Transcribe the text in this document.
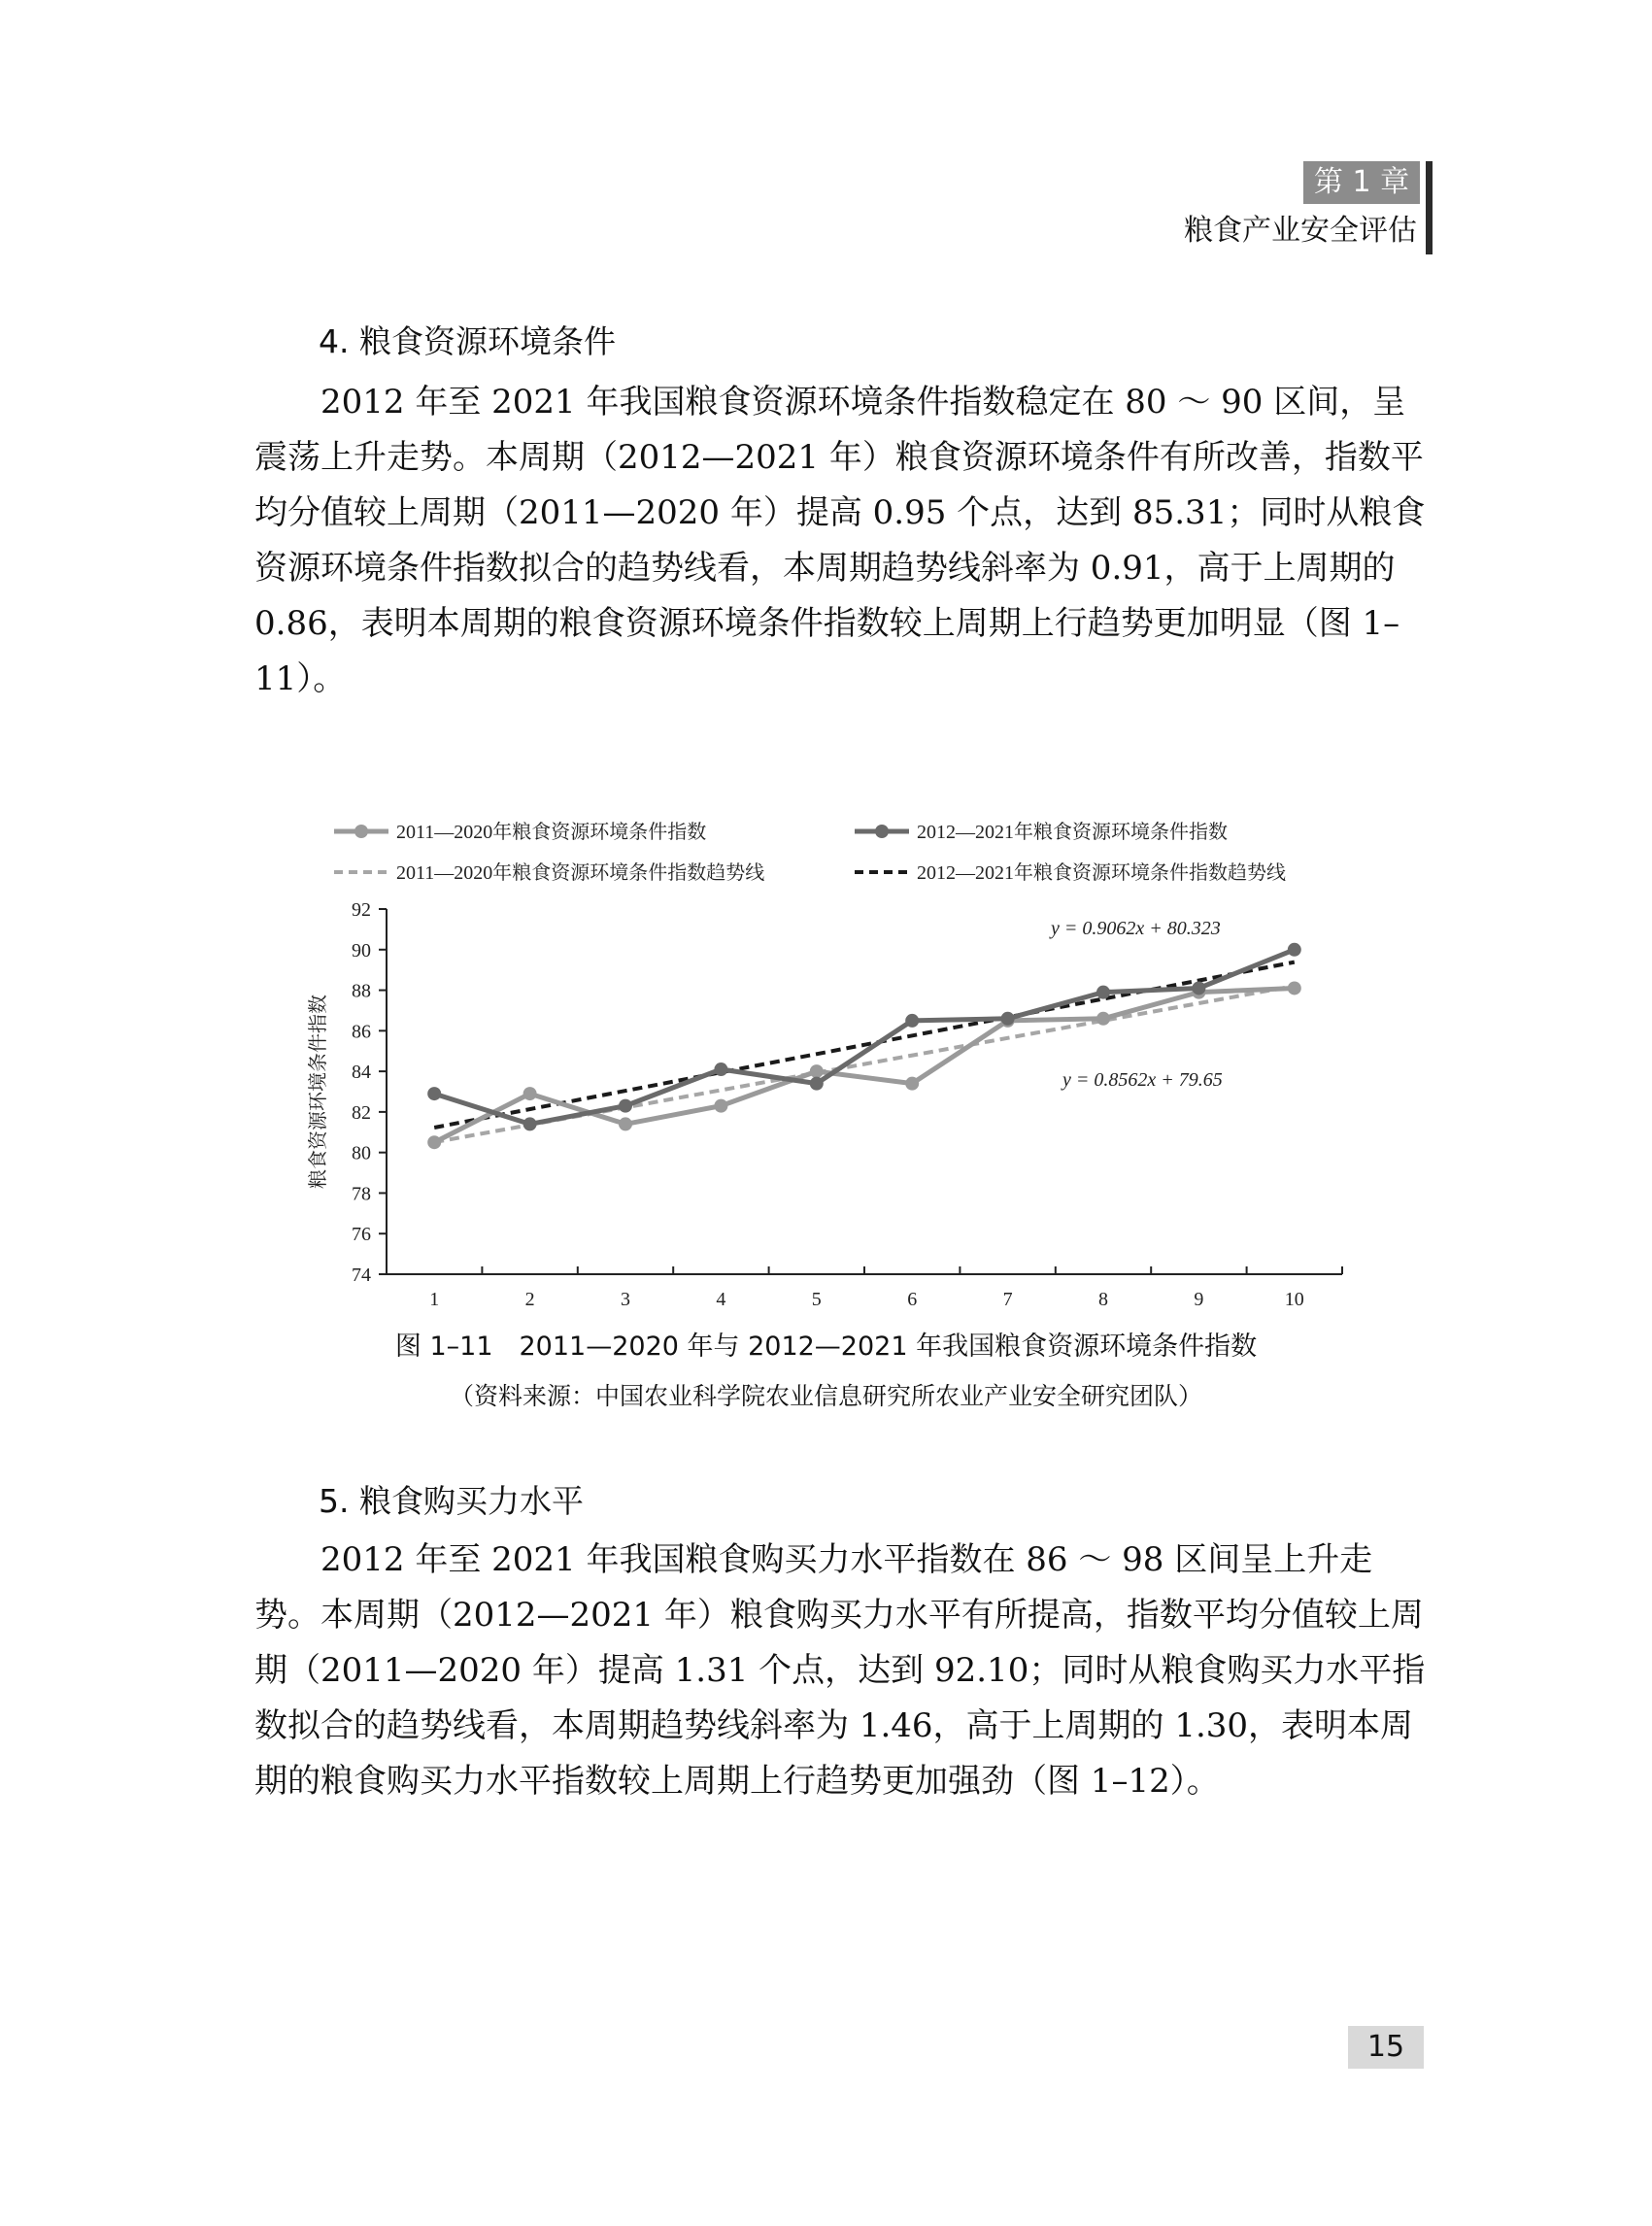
第 1 章
粮食产业安全评估
4. 粮食资源环境条件

2012 年至 2021 年我国粮食资源环境条件指数稳定在 80 ～ 90 区间，呈震荡上升走势。本周期（2012—2021 年）粮食资源环境条件有所改善，指数平均分值较上周期（2011—2020 年）提高 0.95 个点，达到 85.31；同时从粮食资源环境条件指数拟合的趋势线看，本周期趋势线斜率为 0.91，高于上周期的 0.86，表明本周期的粮食资源环境条件指数较上周期上行趋势更加明显（图 1–11）。

74
76
78
80
82
84
86
88
90
92
1	2	3	4	5	6	7	8	9	10
粮食资源环境条件指数
y = 0.9062x + 80.323
y = 0.8562x + 79.65
2011—2020年粮食资源环境条件指数	2012—2021年粮食资源环境条件指数
2011—2020年粮食资源环境条件指数趋势线	2012—2021年粮食资源环境条件指数趋势线
图 1–11　2011—2020 年与 2012—2021 年我国粮食资源环境条件指数
（资料来源：中国农业科学院农业信息研究所农业产业安全研究团队）
5. 粮食购买力水平

2012 年至 2021 年我国粮食购买力水平指数在 86 ～ 98 区间呈上升走势。本周期（2012—2021 年）粮食购买力水平有所提高，指数平均分值较上周期（2011—2020 年）提高 1.31 个点，达到 92.10；同时从粮食购买力水平指数拟合的趋势线看，本周期趋势线斜率为 1.46，高于上周期的 1.30，表明本周期的粮食购买力水平指数较上周期上行趋势更加强劲（图 1–12）。

15
